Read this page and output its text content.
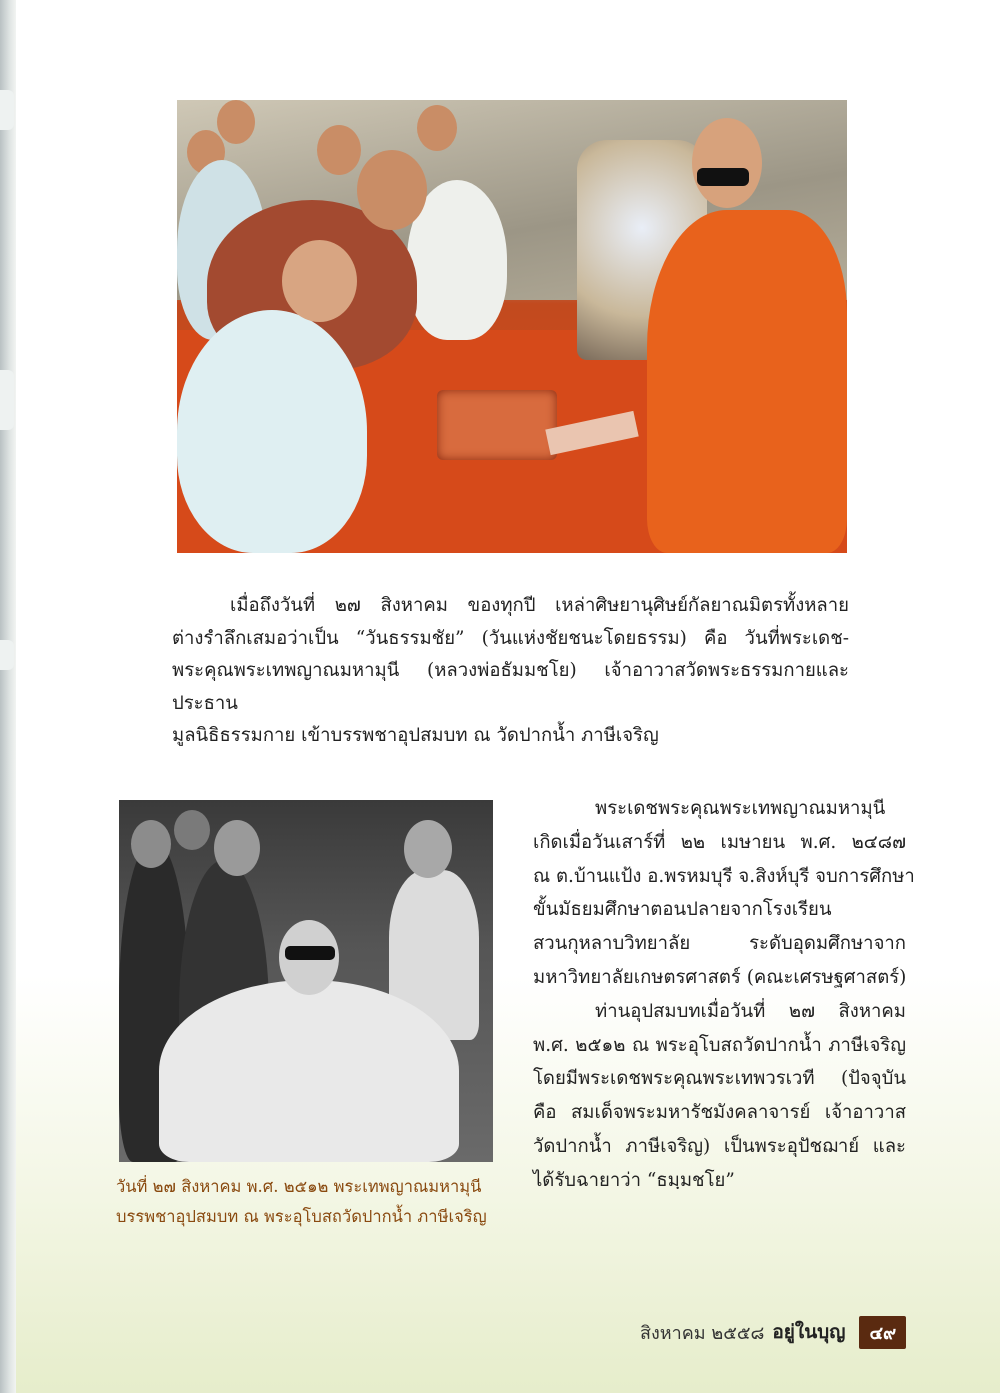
เมื่อถึงวันที่ ๒๗ สิงหาคม ของทุกปี เหล่าศิษยานุศิษย์กัลยาณมิตรทั้งหลาย
ต่างรำลึกเสมอว่าเป็น “วันธรรมชัย” (วันแห่งชัยชนะโดยธรรม) คือ วันที่พระเดช-
พระคุณพระเทพญาณมหามุนี (หลวงพ่อธัมมชโย) เจ้าอาวาสวัดพระธรรมกายและประธาน
มูลนิธิธรรมกาย เข้าบรรพชาอุปสมบท ณ วัดปากน้ำ ภาษีเจริญ
พระเดชพระคุณพระเทพญาณมหามุนี
เกิดเมื่อวันเสาร์ที่ ๒๒ เมษายน พ.ศ. ๒๔๘๗
ณ ต.บ้านแป้ง อ.พรหมบุรี จ.สิงห์บุรี จบการศึกษา
ขั้นมัธยมศึกษาตอนปลายจากโรงเรียน
สวนกุหลาบวิทยาลัย ระดับอุดมศึกษาจาก
มหาวิทยาลัยเกษตรศาสตร์ (คณะเศรษฐศาสตร์)
ท่านอุปสมบทเมื่อวันที่ ๒๗ สิงหาคม
พ.ศ. ๒๕๑๒ ณ พระอุโบสถวัดปากน้ำ ภาษีเจริญ
โดยมีพระเดชพระคุณพระเทพวรเวที (ปัจจุบัน
คือ สมเด็จพระมหารัชมังคลาจารย์ เจ้าอาวาส
วัดปากน้ำ ภาษีเจริญ) เป็นพระอุปัชฌาย์ และ
ได้รับฉายาว่า “ธมฺมชโย”
วันที่ ๒๗ สิงหาคม พ.ศ. ๒๕๑๒ พระเทพญาณมหามุนี
บรรพชาอุปสมบท ณ พระอุโบสถวัดปากน้ำ ภาษีเจริญ
สิงหาคม ๒๕๕๘ อยู่ในบุญ	๔๙
